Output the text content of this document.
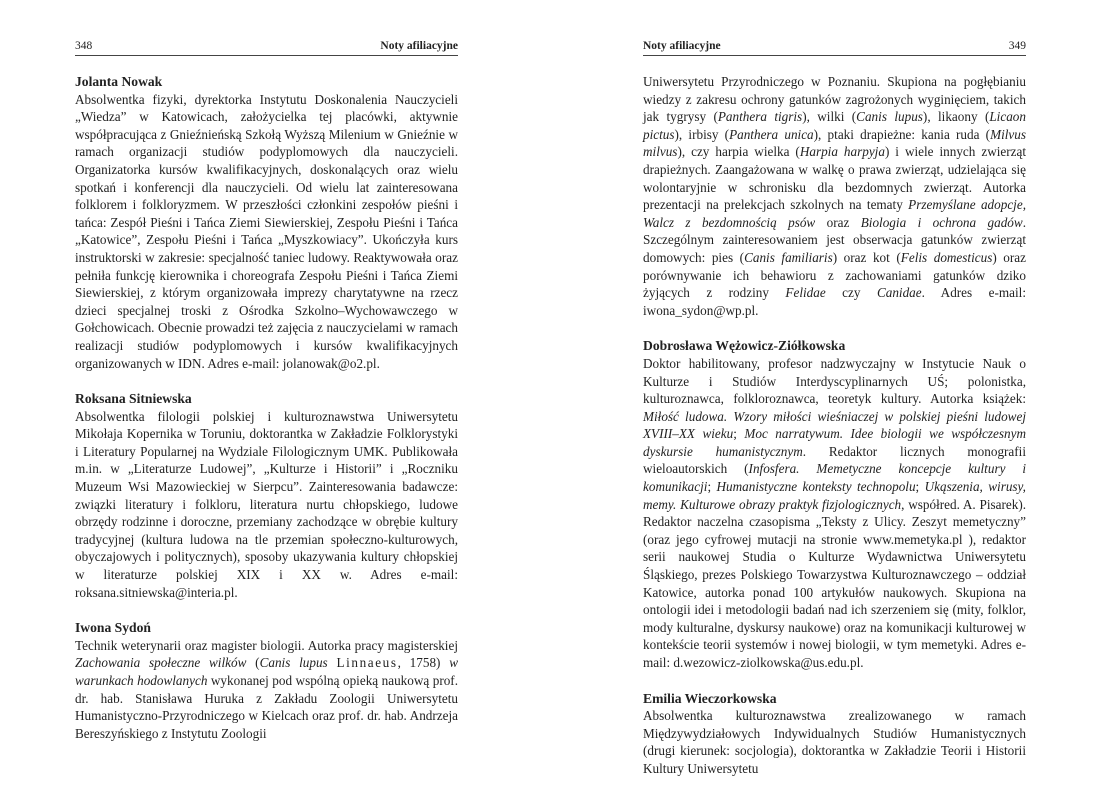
348	Noty afiliacyjne
Jolanta Nowak

Absolwentka fizyki, dyrektorka Instytutu Doskonalenia Nauczycieli „Wiedza” w Katowicach, założycielka tej placówki, aktywnie współpracująca z Gnieźnieńską Szkołą Wyższą Milenium w Gnieźnie w ramach organizacji studiów podyplomowych dla nauczycieli. Organizatorka kursów kwalifikacyjnych, doskonalących oraz wielu spotkań i konferencji dla nauczycieli. Od wielu lat zainteresowana folklorem i folkloryzmem. W przeszłości członkini zespołów pieśni i tańca: Zespół Pieśni i Tańca Ziemi Siewierskiej, Zespołu Pieśni i Tańca „Katowice”, Zespołu Pieśni i Tańca „Myszkowiacy”. Ukończyła kurs instruktorski w zakresie: specjalność taniec ludowy. Reaktywowała oraz pełniła funkcję kierownika i choreografa Zespołu Pieśni i Tańca Ziemi Siewierskiej, z którym organizowała imprezy charytatywne na rzecz dzieci specjalnej troski z Ośrodka Szkolno–Wychowawczego w Gołchowicach. Obecnie prowadzi też zajęcia z nauczycielami w ramach realizacji studiów podyplomowych i kursów kwalifikacyjnych organizowanych w IDN. Adres e-mail: jolanowak@o2.pl.

Roksana Sitniewska

Absolwentka filologii polskiej i kulturoznawstwa Uniwersytetu Mikołaja Kopernika w Toruniu, doktorantka w Zakładzie Folklorystyki i Literatury Popularnej na Wydziale Filologicznym UMK. Publikowała m.in. w „Literaturze Ludowej”, „Kulturze i Historii” i „Roczniku Muzeum Wsi Mazowieckiej w Sierpcu”. Zainteresowania badawcze: związki literatury i folkloru, literatura nurtu chłopskiego, ludowe obrzędy rodzinne i doroczne, przemiany zachodzące w obrębie kultury tradycyjnej (kultura ludowa na tle przemian społeczno-kulturowych, obyczajowych i politycznych), sposoby ukazywania kultury chłopskiej w literaturze polskiej XIX i XX w. Adres e-mail: roksana.sitniewska@interia.pl.

Iwona Sydoń

Technik weterynarii oraz magister biologii. Autorka pracy magisterskiej Zachowania społeczne wilków (Canis lupus Linnaeus, 1758) w warunkach hodowlanych wykonanej pod wspólną opieką naukową prof. dr. hab. Stanisława Huruka z Zakładu Zoologii Uniwersytetu Humanistyczno-Przyrodniczego w Kielcach oraz prof. dr. hab. Andrzeja Bereszyńskiego z Instytutu Zoologii

Noty afiliacyjne	349

Uniwersytetu Przyrodniczego w Poznaniu. Skupiona na pogłębianiu wiedzy z zakresu ochrony gatunków zagrożonych wyginięciem, takich jak tygrysy (Panthera tigris), wilki (Canis lupus), likaony (Licaon pictus), irbisy (Panthera unica), ptaki drapieżne: kania ruda (Milvus milvus), czy harpia wielka (Harpia harpyja) i wiele innych zwierząt drapieżnych. Zaangażowana w walkę o prawa zwierząt, udzielająca się wolontaryjnie w schronisku dla bezdomnych zwierząt. Autorka prezentacji na prelekcjach szkolnych na tematy Przemyślane adopcje, Walcz z bezdomnością psów oraz Biologia i ochrona gadów. Szczególnym zainteresowaniem jest obserwacja gatunków zwierząt domowych: pies (Canis familiaris) oraz kot (Felis domesticus) oraz porównywanie ich behawioru z zachowaniami gatunków dziko żyjących z rodziny Felidae czy Canidae. Adres e-mail: iwona_sydon@wp.pl.

Dobrosława Wężowicz-Ziółkowska

Doktor habilitowany, profesor nadzwyczajny w Instytucie Nauk o Kulturze i Studiów Interdyscyplinarnych UŚ; polonistka, kulturoznawca, folkloroznawca, teoretyk kultury. Autorka książek: Miłość ludowa. Wzory miłości wieśniaczej w polskiej pieśni ludowej XVIII–XX wieku; Moc narratywum. Idee biologii we współczesnym dyskursie humanistycznym. Redaktor licznych monografii wieloautorskich (Infosfera. Memetyczne koncepcje kultury i komunikacji; Humanistyczne konteksty technopolu; Ukąszenia, wirusy, memy. Kulturowe obrazy praktyk fizjologicznych, współred. A. Pisarek). Redaktor naczelna czasopisma „Teksty z Ulicy. Zeszyt memetyczny” (oraz jego cyfrowej mutacji na stronie www.memetyka.pl ), redaktor serii naukowej Studia o Kulturze Wydawnictwa Uniwersytetu Śląskiego, prezes Polskiego Towarzystwa Kulturoznawczego – oddział Katowice, autorka ponad 100 artykułów naukowych. Skupiona na ontologii idei i metodologii badań nad ich szerzeniem się (mity, folklor, mody kulturalne, dyskursy naukowe) oraz na komunikacji kulturowej w kontekście teorii systemów i nowej biologii, w tym memetyki. Adres e-mail: d.wezowicz-ziolkowska@us.edu.pl.

Emilia Wieczorkowska

Absolwentka kulturoznawstwa zrealizowanego w ramach Międzywydziałowych Indywidualnych Studiów Humanistycznych (drugi kierunek: socjologia), doktorantka w Zakładzie Teorii i Historii Kultury Uniwersytetu
